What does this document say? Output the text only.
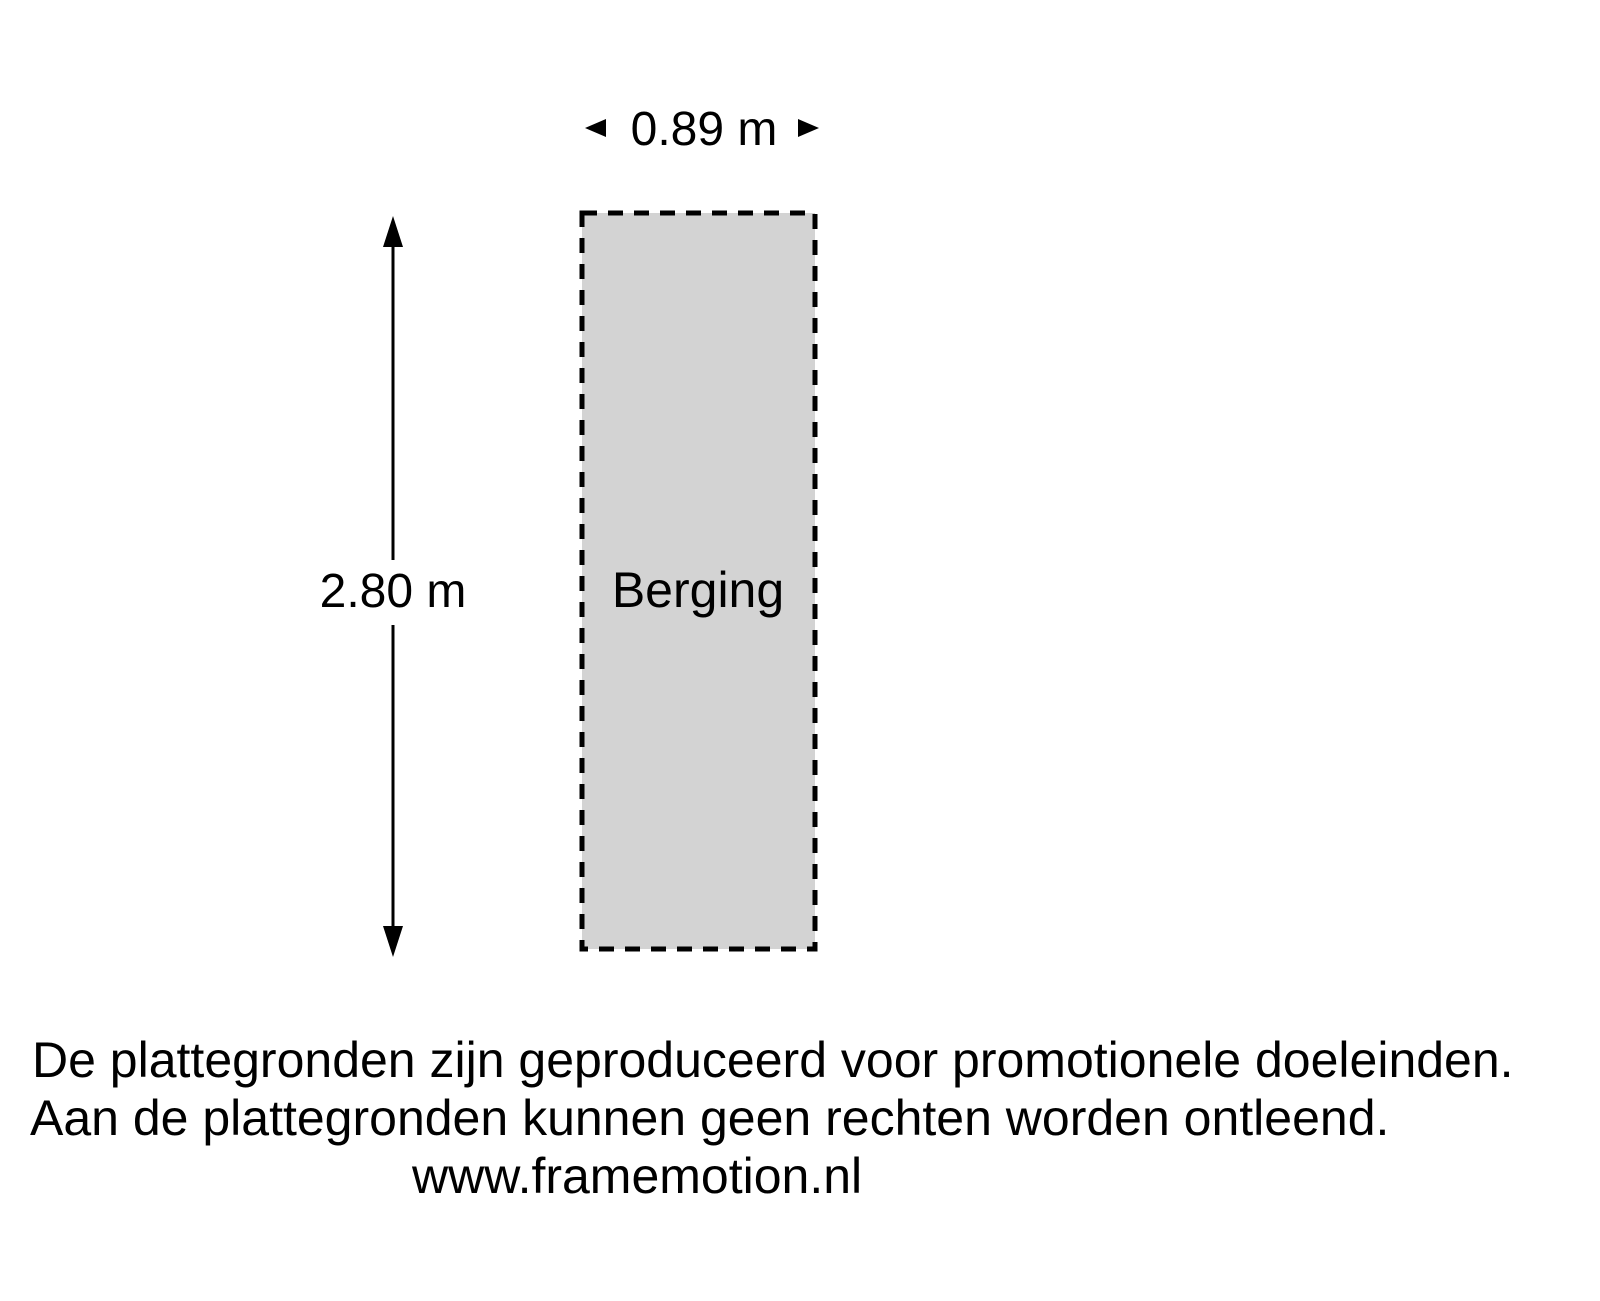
Berging
0.89 m
2.80 m
De plattegronden zijn geproduceerd voor promotionele doeleinden.
Aan de plattegronden kunnen geen rechten worden ontleend.
www.framemotion.nl
